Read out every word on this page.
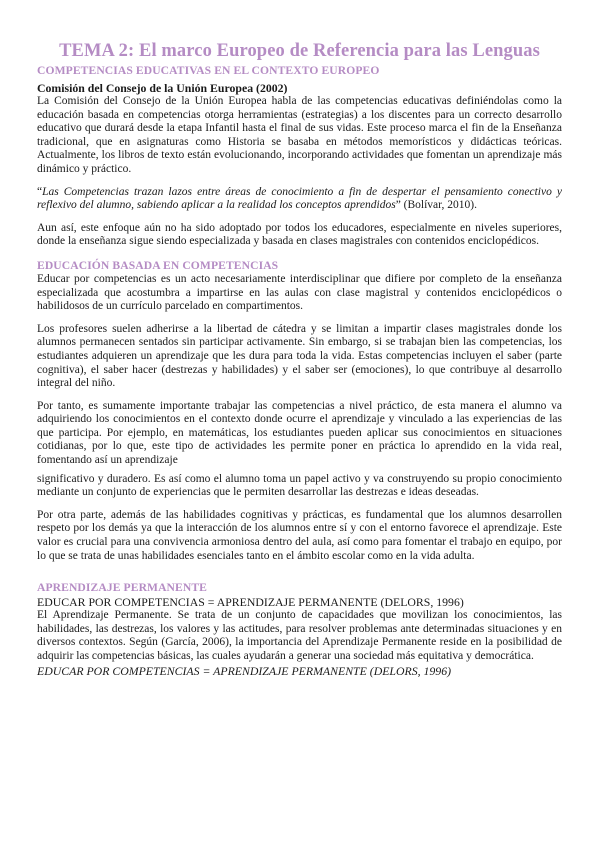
TEMA 2: El marco Europeo de Referencia para las Lenguas
COMPETENCIAS EDUCATIVAS EN EL CONTEXTO EUROPEO
Comisión del Consejo de la Unión Europea (2002)

La Comisión del Consejo de la Unión Europea habla de las competencias educativas definiéndolas como la educación basada en competencias otorga herramientas (estrategias) a los discentes para un correcto desarrollo educativo que durará desde la etapa Infantil hasta el final de sus vidas. Este proceso marca el fin de la Enseñanza tradicional, que en asignaturas como Historia se basaba en métodos memorísticos y didácticas teóricas. Actualmente, los libros de texto están evolucionando, incorporando actividades que fomentan un aprendizaje más dinámico y práctico.

“Las Competencias trazan lazos entre áreas de conocimiento a fin de despertar el pensamiento conectivo y reflexivo del alumno, sabiendo aplicar a la realidad los conceptos aprendidos” (Bolívar, 2010).

Aun así, este enfoque aún no ha sido adoptado por todos los educadores, especialmente en niveles superiores, donde la enseñanza sigue siendo especializada y basada en clases magistrales con contenidos enciclopédicos.

EDUCACIÓN BASADA EN COMPETENCIAS

Educar por competencias es un acto necesariamente interdisciplinar que difiere por completo de la enseñanza especializada que acostumbra a impartirse en las aulas con clase magistral y contenidos enciclopédicos o habilidosos de un currículo parcelado en compartimentos.

Los profesores suelen adherirse a la libertad de cátedra y se limitan a impartir clases magistrales donde los alumnos permanecen sentados sin participar activamente. Sin embargo, si se trabajan bien las competencias, los estudiantes adquieren un aprendizaje que les dura para toda la vida. Estas competencias incluyen el saber (parte cognitiva), el saber hacer (destrezas y habilidades) y el saber ser (emociones), lo que contribuye al desarrollo integral del niño.

Por tanto, es sumamente importante trabajar las competencias a nivel práctico, de esta manera el alumno va adquiriendo los conocimientos en el contexto donde ocurre el aprendizaje y vinculado a las experiencias de las que participa. Por ejemplo, en matemáticas, los estudiantes pueden aplicar sus conocimientos en situaciones cotidianas, por lo que, este tipo de actividades les permite poner en práctica lo aprendido en la vida real, fomentando así un aprendizaje

significativo y duradero. Es así como el alumno toma un papel activo y va construyendo su propio conocimiento mediante un conjunto de experiencias que le permiten desarrollar las destrezas e ideas deseadas.

Por otra parte, además de las habilidades cognitivas y prácticas, es fundamental que los alumnos desarrollen respeto por los demás ya que la interacción de los alumnos entre sí y con el entorno favorece el aprendizaje. Este valor es crucial para una convivencia armoniosa dentro del aula, así como para fomentar el trabajo en equipo, por lo que se trata de unas habilidades esenciales tanto en el ámbito escolar como en la vida adulta.

APRENDIZAJE PERMANENTE
EDUCAR POR COMPETENCIAS = APRENDIZAJE PERMANENTE (DELORS, 1996)

El Aprendizaje Permanente. Se trata de un conjunto de capacidades que movilizan los conocimientos, las habilidades, las destrezas, los valores y las actitudes, para resolver problemas ante determinadas situaciones y en diversos contextos. Según (García, 2006), la importancia del Aprendizaje Permanente reside en la posibilidad de adquirir las competencias básicas, las cuales ayudarán a generar una sociedad más equitativa y democrática.

EDUCAR POR COMPETENCIAS = APRENDIZAJE PERMANENTE (DELORS, 1996)
